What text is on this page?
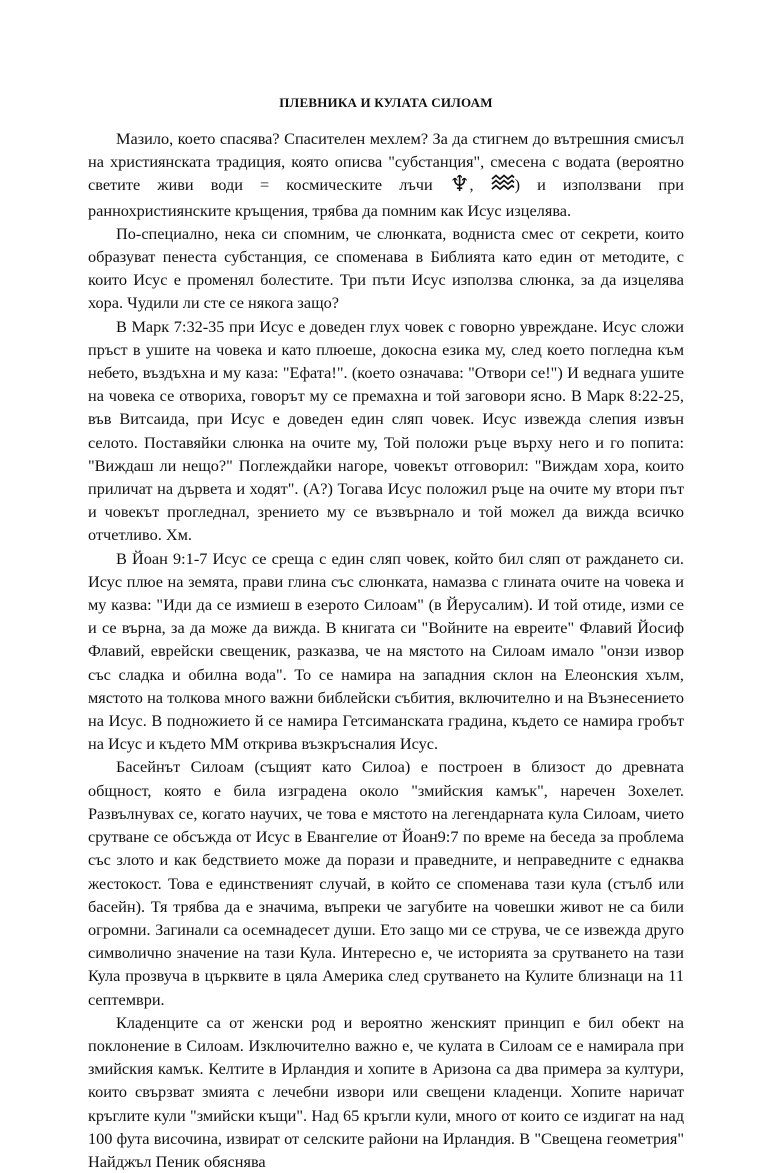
ПЛЕВНИКА И КУЛАТА СИЛОАМ

Мазило, което спасява? Спасителен мехлем? За да стигнем до вътрешния смисъл на християнската традиция, която описва "субстанция", смесена с водата (вероятно светите живи води = космическите лъчи ♆, ) и използвани при раннохристиянските кръщения, трябва да помним как Исус изцелява.

По-специално, нека си спомним, че слюнката, водниста смес от секрети, които образуват пенеста субстанция, се споменава в Библията като един от методите, с които Исус е променял болестите. Три пъти Исус използва слюнка, за да изцелява хора. Чудили ли сте се някога защо?

В Марк 7:32-35 при Исус е доведен глух човек с говорно увреждане. Исус сложи пръст в ушите на човека и като плюеше, докосна езика му, след което погледна към небето, въздъхна и му каза: "Ефата!". (което означава: "Отвори се!") И веднага ушите на човека се отвориха, говорът му се премахна и той заговори ясно. В Марк 8:22-25, във Витсаида, при Исус е доведен един сляп човек. Исус извежда слепия извън селото. Поставяйки слюнка на очите му, Той положи ръце върху него и го попита: "Виждаш ли нещо?" Поглеждайки нагоре, човекът отговорил: "Виждам хора, които приличат на дърветa и ходят". (А?) Тогава Исус положил ръце на очите му втори път и човекът прогледнал, зрението му се възвърнало и той можел да вижда всичко отчетливо. Хм.

В Йоан 9:1-7 Исус се среща с един сляп човек, който бил сляп от раждането си. Исус плюе на земята, прави глина със слюнката, намазва с глината очите на човека и му казва: "Иди да се измиеш в езерото Силоам" (в Йерусалим). И той отиде, изми се и се върна, за да може да вижда. В книгата си "Войните на евреите" Флавий Йосиф Флавий, еврейски свещеник, разказва, че на мястото на Силоам имало "онзи извор със сладка и обилна вода". То се намира на западния склон на Елеонския хълм, мястото на толкова много важни библейски събития, включително и на Възнесението на Исус. В подножието й се намира Гетсиманската градина, където се намира гробът на Исус и където ММ открива възкръсналия Исус.

Басейнът Силоам (същият като Силоа) е построен в близост до древната общност, която е била изградена около "змийския камък", наречен Зохелет. Развълнувах се, когато научих, че това е мястото на легендарната кула Силоам, чието срутване се обсъжда от Исус в Евангелие от Йоан9:7 по време на беседа за проблема със злото и как бедствието може да порази и праведните, и неправедните с еднаква жестокост. Това е единственият случай, в който се споменава тази кула (стълб или басейн). Тя трябва да е значима, въпреки че загубите на човешки живот не са били огромни. Загинали са осемнадесет души. Ето защо ми се струва, че се извежда друго символично значение на тази Кула. Интересно е, че историята за срутването на тази Кула прозвуча в църквите в цяла Америка след срутването на Кулите близнаци на 11 септември.

Кладенците са от женски род и вероятно женският принцип е бил обект на поклонение в Силоам. Изключително важно е, че кулата в Силоам се е намирала при змийския камък. Келтите в Ирландия и хопите в Аризона са два примера за култури, които свързват змията с лечебни извори или свещени кладенци. Хопите наричат кръглите кули "змийски къщи". Над 65 кръгли кули, много от които се издигат на над 100 фута височина, извират от селските райони на Ирландия. В "Свещена геометрия" Найджъл Пеник обяснява
